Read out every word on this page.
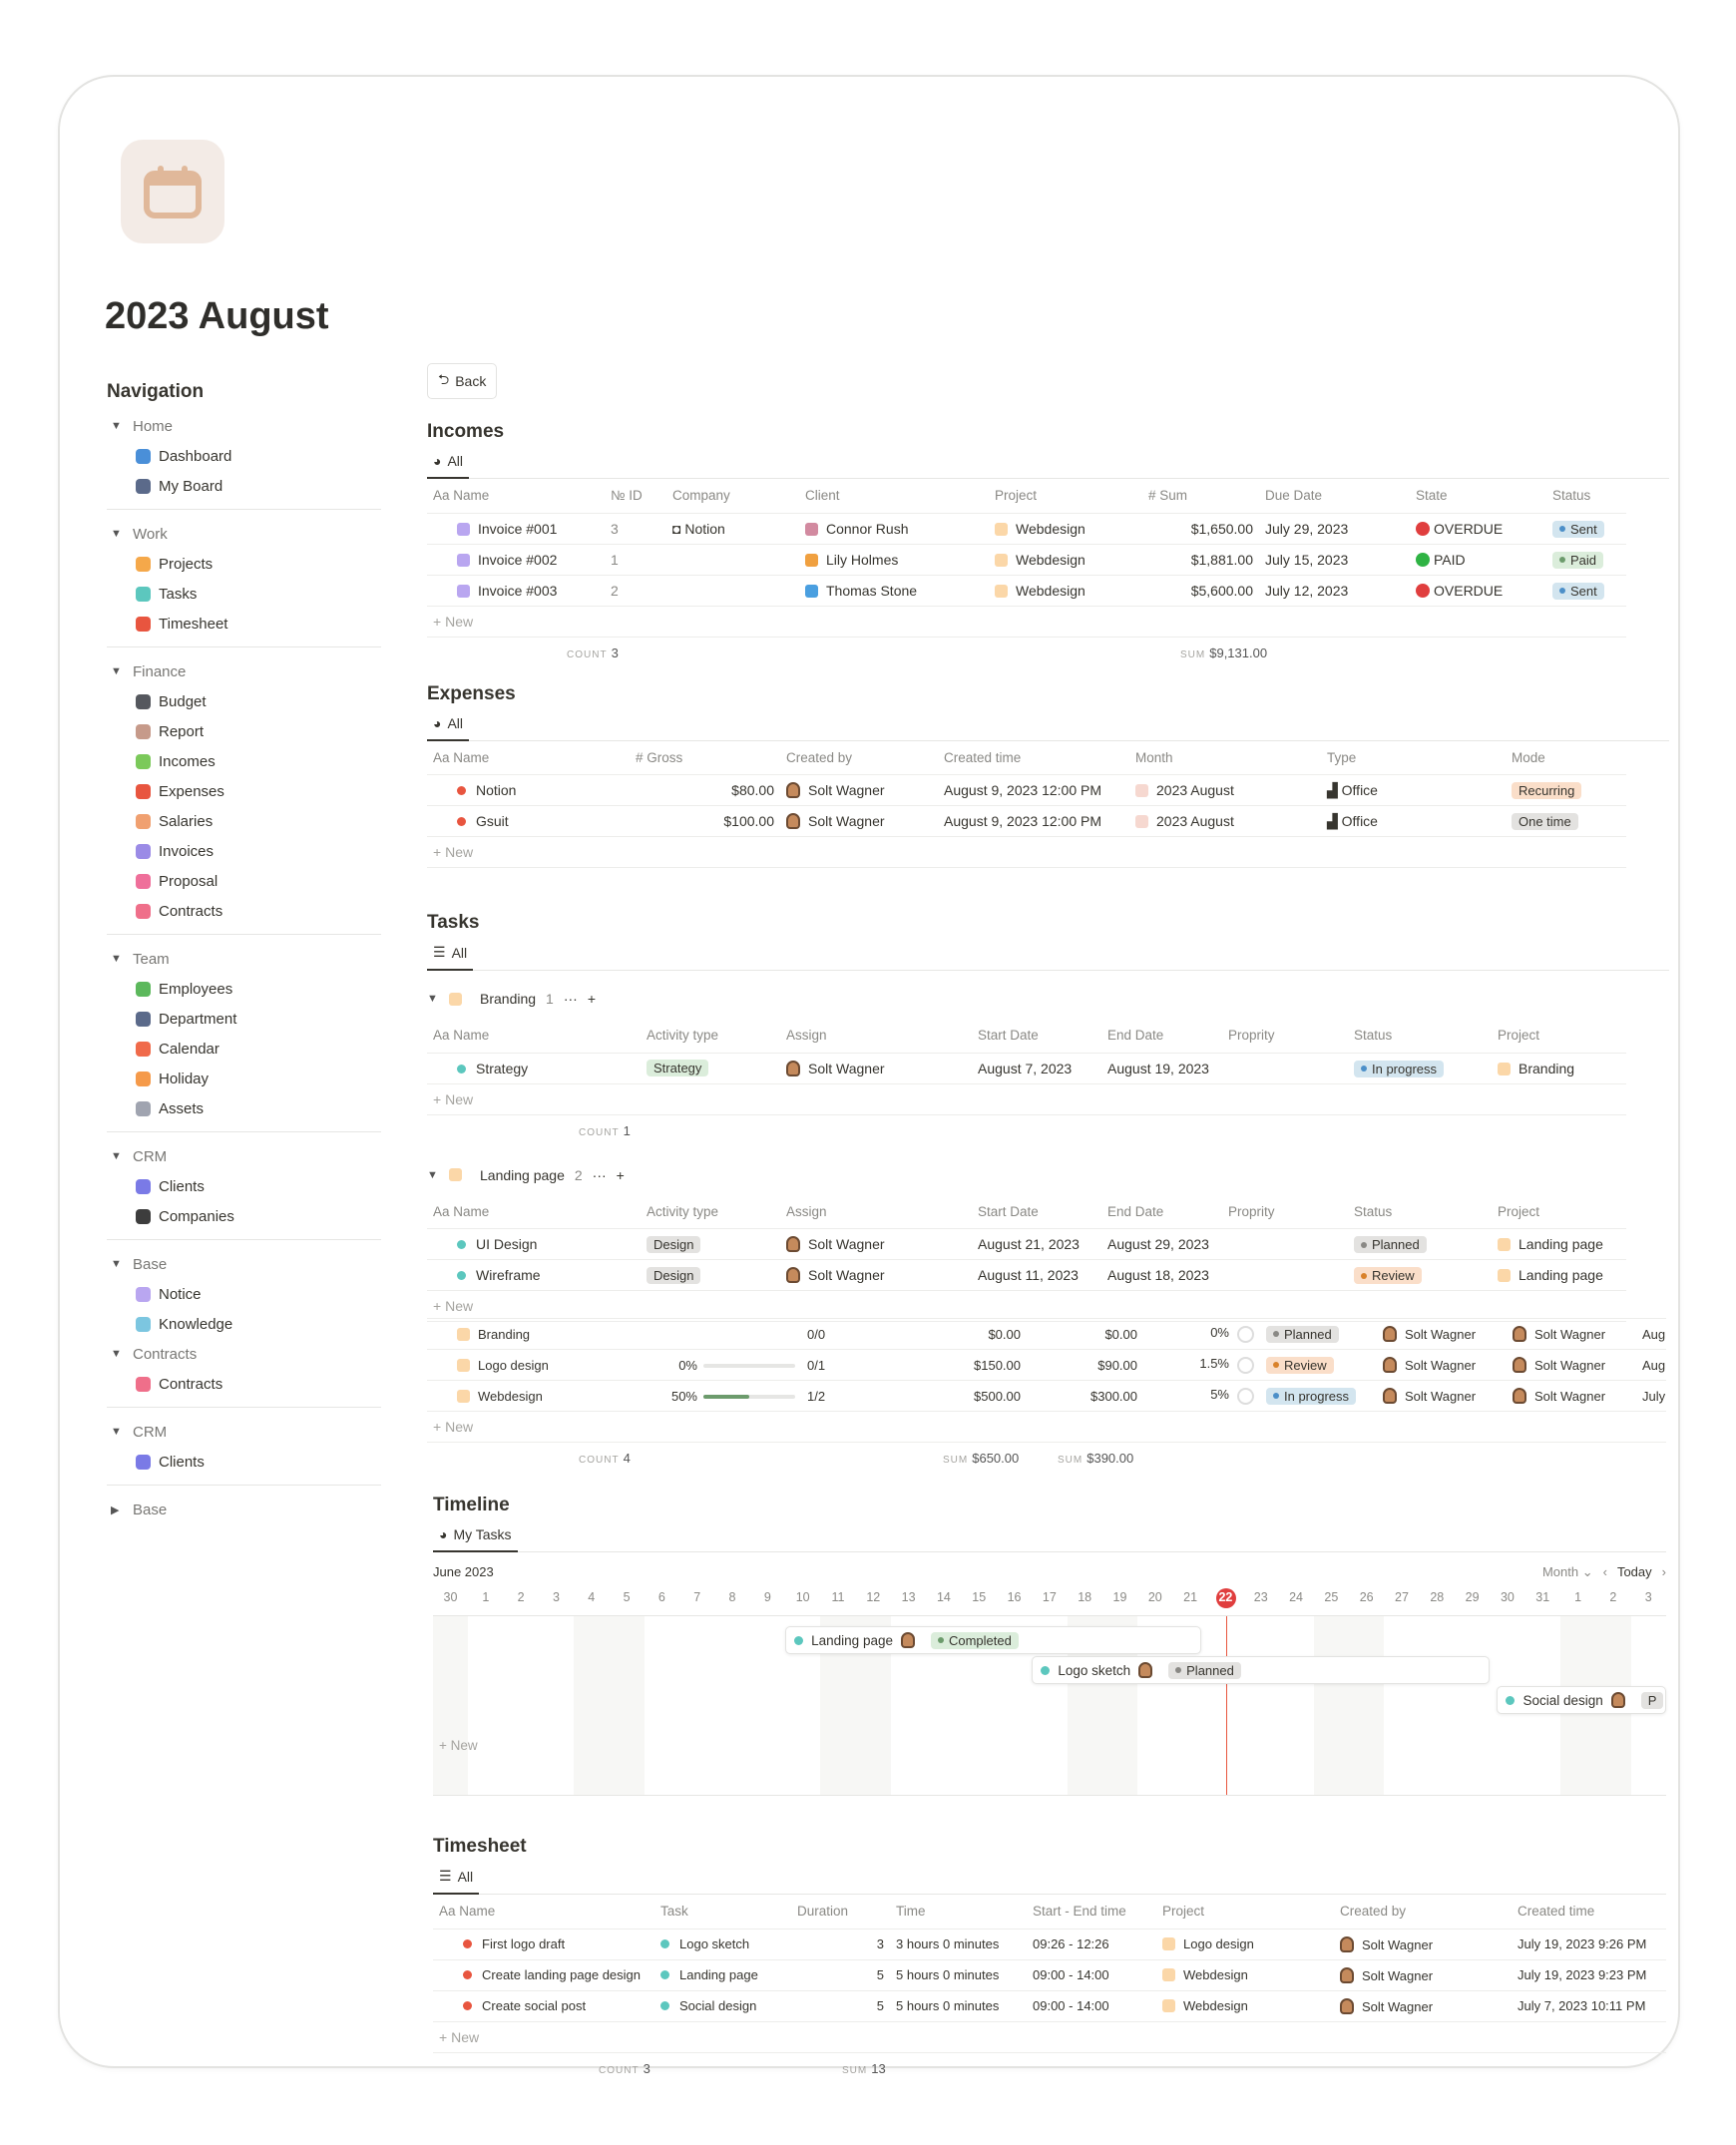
2023 August
Navigation
▼ Home
Dashboard
My Board
▼ Work
Projects
Tasks
Timesheet
▼ Finance
Budget
Report
Incomes
Expenses
Salaries
Invoices
Proposal
Contracts
▼ Team
Employees
Department
Calendar
Holiday
Assets
▼ CRM
Clients
Companies
▼ Base
Notice
Knowledge
▼ Contracts
Contracts
▼ CRM
Clients
▶ Base
⮌ Back
Incomes
◕ All
Aa Name	№ ID	Company	Client	Project	# Sum	Due Date	State	Status
Invoice #001	3	◘ Notion	Connor Rush	Webdesign	$1,650.00	July 29, 2023	OVERDUE	Sent

Invoice #002	1		Lily Holmes	Webdesign	$1,881.00	July 15, 2023	PAID	Paid

Invoice #003	2		Thomas Stone	Webdesign	$5,600.00	July 12, 2023	OVERDUE	Sent

+ New								
COUNT 3	SUM $9,131.00
Expenses
◕ All
Aa Name	# Gross	Created by	Created time	Month	Type	Mode
Notion	$80.00	Solt Wagner	August 9, 2023 12:00 PM	2023 August	▟ Office	Recurring

Gsuit	$100.00	Solt Wagner	August 9, 2023 12:00 PM	2023 August	▟ Office	One time

+ New						
Tasks
☰ All
▼	Branding 1 ··· +
Aa Name	Activity type	Assign	Start Date	End Date	Proprity	Status	Project
Strategy	Strategy	Solt Wagner	August 7, 2023	August 19, 2023		In progress	Branding
+ New							
COUNT 1
▼	Landing page 2 ··· +
Aa Name	Activity type	Assign	Start Date	End Date	Proprity	Status	Project
UI Design	Design	Solt Wagner	August 21, 2023	August 29, 2023		Planned	Landing page
Wireframe	Design	Solt Wagner	August 11, 2023	August 18, 2023		Review	Landing page
+ New							
Branding		0/0	$0.00	$0.00	0%	Planned	Solt Wagner	Solt Wagner	Aug
Logo design	0%	0/1	$150.00	$90.00	1.5%	Review	Solt Wagner	Solt Wagner	Aug
Webdesign	50%	1/2	$500.00	$300.00	5%	In progress	Solt Wagner	Solt Wagner	July
+ New									
COUNT 4	SUM $650.00	SUM $390.00
Timeline
◕ My Tasks
June 2023	Month ⌄ ‹ Today ›
30	1	2	3	4	5	6	7	8	9	10	11	12	13	14	15	16	17	18	19	20	21	22	23	24	25	26	27	28	29	30	31	1	2	3
Landing page	Completed
Logo sketch	Planned
Social design	P
+ New
Timesheet
☰ All
Aa Name	Task	Duration	Time	Start - End time	Project	Created by	Created time
First logo draft	Logo sketch	3	3 hours 0 minutes	09:26 - 12:26	Logo design	Solt Wagner	July 19, 2023 9:26 PM
Create landing page design	Landing page	5	5 hours 0 minutes	09:00 - 14:00	Webdesign	Solt Wagner	July 19, 2023 9:23 PM
Create social post	Social design	5	5 hours 0 minutes	09:00 - 14:00	Webdesign	Solt Wagner	July 7, 2023 10:11 PM
+ New							
COUNT 3	SUM 13
